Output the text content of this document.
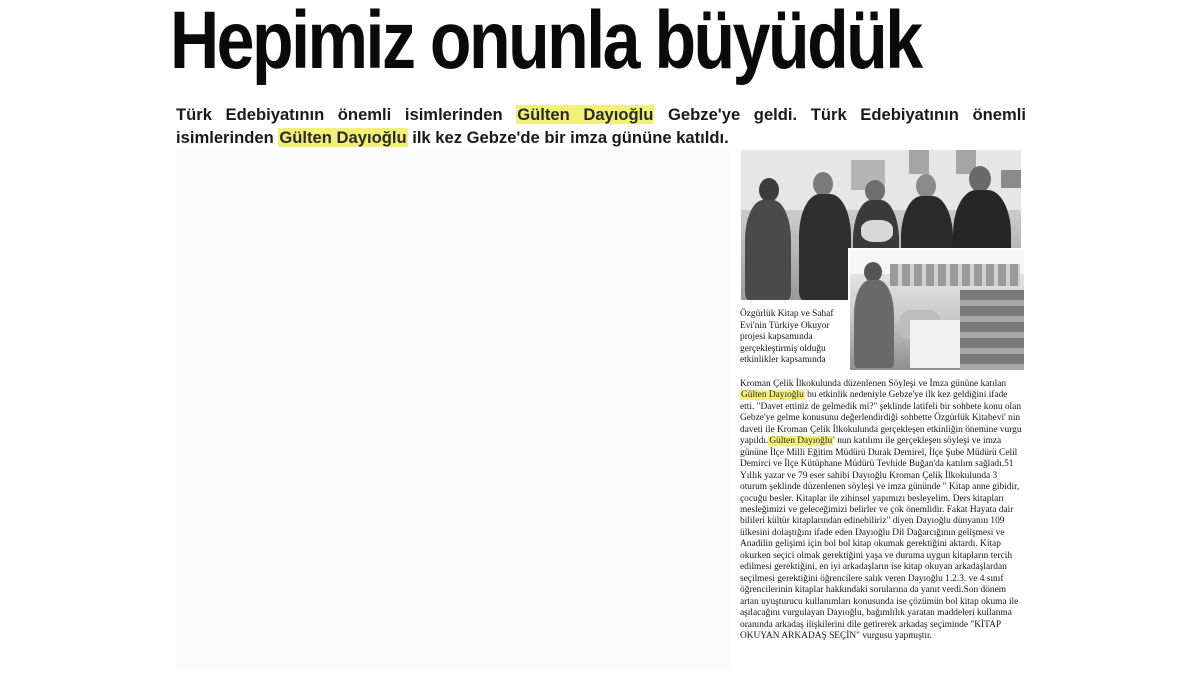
Hepimiz onunla büyüdük
Türk Edebiyatının önemli isimlerinden Gülten Dayıoğlu Gebze'ye geldi. Türk Edebiyatının önemli isimlerinden Gülten Dayıoğlu ilk kez Gebze'de bir imza gününe katıldı.
Özgürlük Kitap ve Sahaf Evi'nin Türkiye Okuyor projesi kapsamında gerçekleştirmiş olduğu etkinlikler kapsamında

Kroman Çelik İlkokulunda düzenlenen Söyleşi ve İmza gününe katılan Gülten Dayıoğlu bu etkinlik nedeniyle Gebze'ye ilk kez geldiğini ifade etti. "Davet ettiniz de gelmedik mi?" şeklinde latifeli bir sohbete konu olan Gebze'ye gelme konusunu değerlendirdiği sohbette Özgürlük Kitabevi' nin daveti ile Kroman Çelik İlkokulunda gerçekleşen etkinliğin önemine vurgu yapıldı.Gülten Dayıoğlu' nun katılımı ile gerçekleşen söyleşi ve imza gününe İlçe Milli Eğitim Müdürü Durak Demirel, İlçe Şube Müdürü Celil Demirci ve İlçe Kütüphane Müdürü Tevhide Buğan'da katılım sağladı.51 Yıllık yazar ve 79 eser sahibi Dayıoğlu Kroman Çelik İlkokulunda 3 oturum şeklinde düzenlenen söyleşi ve imza gününde " Kitap anne gibidir, çocuğu besler. Kitaplar ile zihinsel yapımızı besleyelim. Ders kitapları mesleğimizi ve geleceğimizi belirler ve çok önemlidir. Fakat Hayata dair bilileri kültür kitaplarından edinebiliriz" diyen Dayıoğlu dünyanın 109 ülkesini dolaştığını ifade eden Dayıoğlu Dil Dağarcığının gelişmesi ve Anadilin gelişimi için bol bol kitap okumak gerektiğini aktardı. Kitap okurken seçici olmak gerektiğini yaşa ve duruma uygun kitapların tercih edilmesi gerektiğini, en iyi arkadaşların ise kitap okuyan arkadaşlardan seçilmesi gerektiğini öğrencilere salık veren Dayıoğlu 1.2.3. ve 4 sınıf öğrencilerinin kitaplar hakkındaki sorularına da yanıt verdi.Son dönem artan uyuşturucu kullanımları konusunda ise çözümün bol kitap okuma ile aşılacağını vurgulayan Dayıoğlu, bağımlılık yaratan maddeleri kullanma oranında arkadaş ilişkilerini dile getirerek arkadaş seçiminde "KİTAP OKUYAN ARKADAŞ SEÇİN" vurgusu yapmıştır.
